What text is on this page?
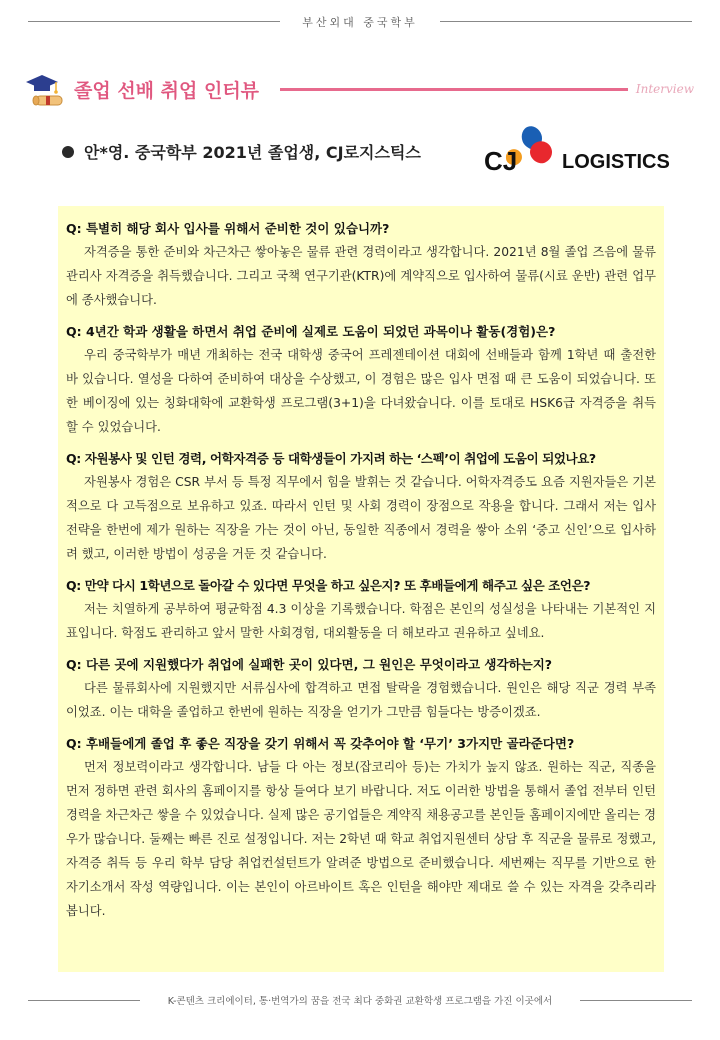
부산외대 중국학부
졸업 선배 취업 인터뷰	Interview
안*영. 중국학부 2021년 졸업생, CJ로지스틱스 CJ LOGISTICS
Q: 특별히 해당 회사 입사를 위해서 준비한 것이 있습니까?
자격증을 통한 준비와 차근차근 쌓아놓은 물류 관련 경력이라고 생각합니다. 2021년 8월 졸업 즈음에 물류관리사 자격증을 취득했습니다. 그리고 국책 연구기관(KTR)에 계약직으로 입사하여 물류(시료 운반) 관련 업무에 종사했습니다.
Q: 4년간 학과 생활을 하면서 취업 준비에 실제로 도움이 되었던 과목이나 활동(경험)은?
우리 중국학부가 매년 개최하는 전국 대학생 중국어 프레젠테이션 대회에 선배들과 함께 1학년 때 출전한 바 있습니다. 열성을 다하여 준비하여 대상을 수상했고, 이 경험은 많은 입사 면접 때 큰 도움이 되었습니다. 또한 베이징에 있는 칭화대학에 교환학생 프로그램(3+1)을 다녀왔습니다. 이를 토대로 HSK6급 자격증을 취득할 수 있었습니다.
Q: 자원봉사 및 인턴 경력, 어학자격증 등 대학생들이 가지려 하는 ‘스펙’이 취업에 도움이 되었나요?
자원봉사 경험은 CSR 부서 등 특정 직무에서 힘을 발휘는 것 같습니다. 어학자격증도 요즘 지원자들은 기본적으로 다 고득점으로 보유하고 있죠. 따라서 인턴 및 사회 경력이 장점으로 작용을 합니다. 그래서 저는 입사 전략을 한번에 제가 원하는 직장을 가는 것이 아닌, 동일한 직종에서 경력을 쌓아 소위 ‘중고 신인’으로 입사하려 했고, 이러한 방법이 성공을 거둔 것 같습니다.
Q: 만약 다시 1학년으로 돌아갈 수 있다면 무엇을 하고 싶은지? 또 후배들에게 해주고 싶은 조언은?
저는 치열하게 공부하여 평균학점 4.3 이상을 기록했습니다. 학점은 본인의 성실성을 나타내는 기본적인 지표입니다. 학점도 관리하고 앞서 말한 사회경험, 대외활동을 더 해보라고 권유하고 싶네요.
Q: 다른 곳에 지원했다가 취업에 실패한 곳이 있다면, 그 원인은 무엇이라고 생각하는지?
다른 물류회사에 지원했지만 서류심사에 합격하고 면접 탈락을 경험했습니다. 원인은 해당 직군 경력 부족이었죠. 이는 대학을 졸업하고 한번에 원하는 직장을 얻기가 그만큼 힘들다는 방증이겠죠.
Q: 후배들에게 졸업 후 좋은 직장을 갖기 위해서 꼭 갖추어야 할 ‘무기’ 3가지만 골라준다면?
먼저 정보력이라고 생각합니다. 남들 다 아는 정보(잡코리아 등)는 가치가 높지 않죠. 원하는 직군, 직종을 먼저 정하면 관련 회사의 홈페이지를 항상 들여다 보기 바랍니다. 저도 이러한 방법을 통해서 졸업 전부터 인턴 경력을 차근차근 쌓을 수 있었습니다. 실제 많은 공기업들은 계약직 채용공고를 본인들 홈페이지에만 올리는 경우가 많습니다. 둘째는 빠른 진로 설정입니다. 저는 2학년 때 학교 취업지원센터 상담 후 직군을 물류로 정했고, 자격증 취득 등 우리 학부 담당 취업컨설턴트가 알려준 방법으로 준비했습니다. 세번째는 직무를 기반으로 한 자기소개서 작성 역량입니다. 이는 본인이 아르바이트 혹은 인턴을 해야만 제대로 쓸 수 있는 자격을 갖추리라 봅니다.
K-콘텐츠 크리에이터, 통·번역가의 꿈을 전국 최다 중화권 교환학생 프로그램을 가진 이곳에서
